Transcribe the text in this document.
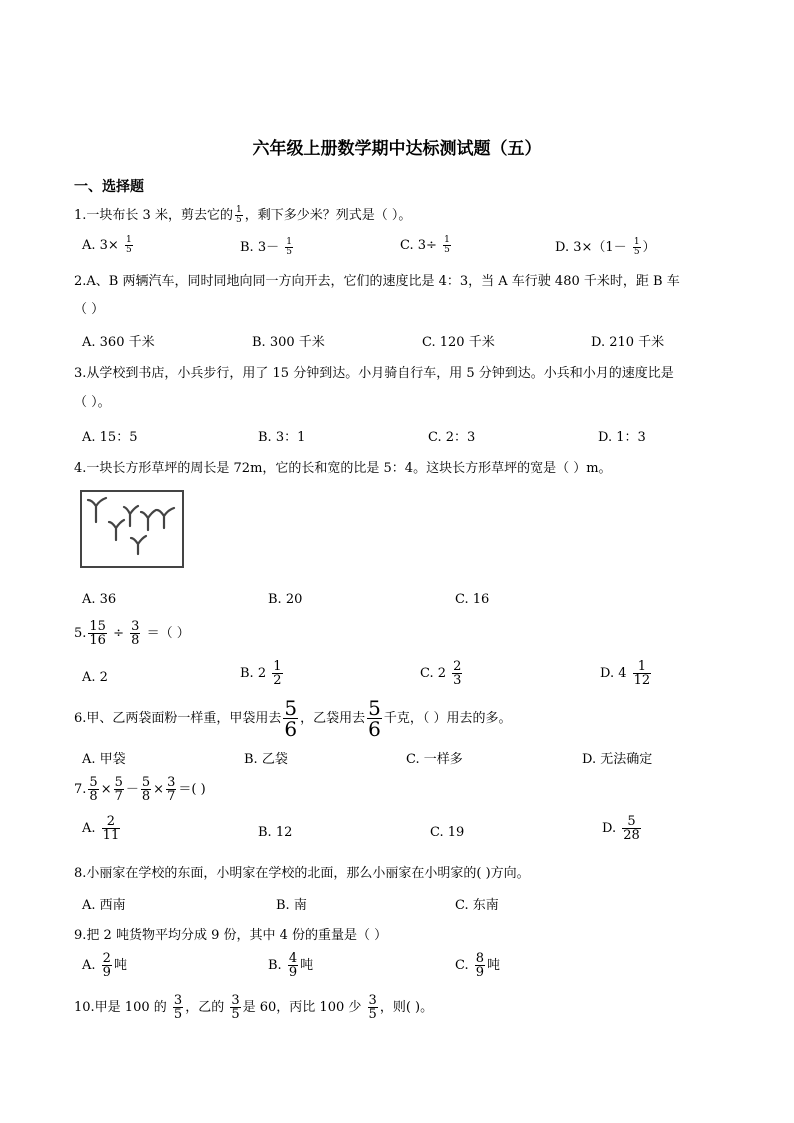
六年级上册数学期中达标测试题（五）
一、选择题
1.一块布长 3 米，剪去它的 $\frac{1}{5}$ ，剩下多少米？列式是（ ）。
A. $3\times \frac{1}{5}$	B. $3- \frac{1}{5}$	C. $3\div \frac{1}{5}$	D. $3\times(1- \frac{1}{5}$ ）
2.A、B 两辆汽车，同时同地向同一方向开去，它们的速度比是 4：3，当 A 车行驶 480 千米时，距 B 车
（ ）
A. 360 千米	B. 300 千米	C. 120 千米	D. 210 千米
3.从学校到书店，小兵步行，用了 15 分钟到达。小月骑自行车，用 5 分钟到达。小兵和小月的速度比是
（ ）。
A. 15：5	B. 3：1	C. 2：3	D. 1：3
4.一块长方形草坪的周长是 72m，它的长和宽的比是 5：4。这块长方形草坪的宽是（ ）m。
A. 36	B. 20	C. 16
5. $\frac{15}{16} \div \frac{3}{8}$ ＝（ ）
A. 2	B. $2 \frac{1}{2}$	C. $2 \frac{2}{3}$	D. $4 \frac{1}{12}$
6.甲、乙两袋面粉一样重，甲袋用去 $\frac{5}{6}$ ，乙袋用去 $\frac{5}{6}$ 千克，（ ）用去的多。
A. 甲袋	B. 乙袋	C. 一样多	D. 无法确定
7. $\frac{5}{8} \times \frac{5}{7} - \frac{5}{8} \times \frac{3}{7}$ ＝( )
A. $\frac{2}{11}$	B. 12	C. 19	D. $\frac{5}{28}$
8.小丽家在学校的东面，小明家在学校的北面，那么小丽家在小明家的( )方向。
A. 西南	B. 南	C. 东南
9.把 2 吨货物平均分成 9 份，其中 4 份的重量是（ ）
A. $\frac{2}{9}$ 吨	B. $\frac{4}{9}$ 吨	C. $\frac{8}{9}$ 吨
10.甲是 100 的 $\frac{3}{5}$ ，乙的 $\frac{3}{5}$ 是 60，丙比 100 少 $\frac{3}{5}$ ，则( )。
